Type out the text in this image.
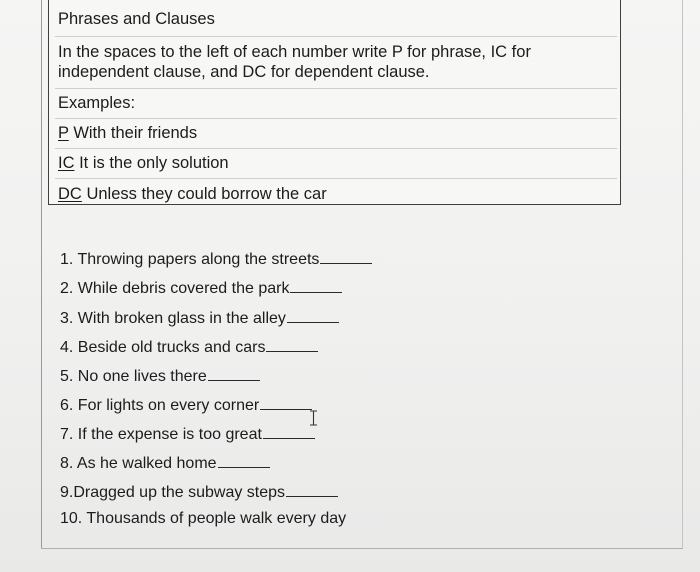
Phrases and Clauses
In the spaces to the left of each number write P for phrase, IC for
independent clause, and DC for dependent clause.
Examples:
P With their friends
IC It is the only solution
DC Unless they could borrow the car
1. Throwing papers along the streets
2. While debris covered the park
3. With broken glass in the alley
4. Beside old trucks and cars
5. No one lives there
6. For lights on every corner
7. If the expense is too great
8. As he walked home
9.Dragged up the subway steps
10. Thousands of people walk every day
